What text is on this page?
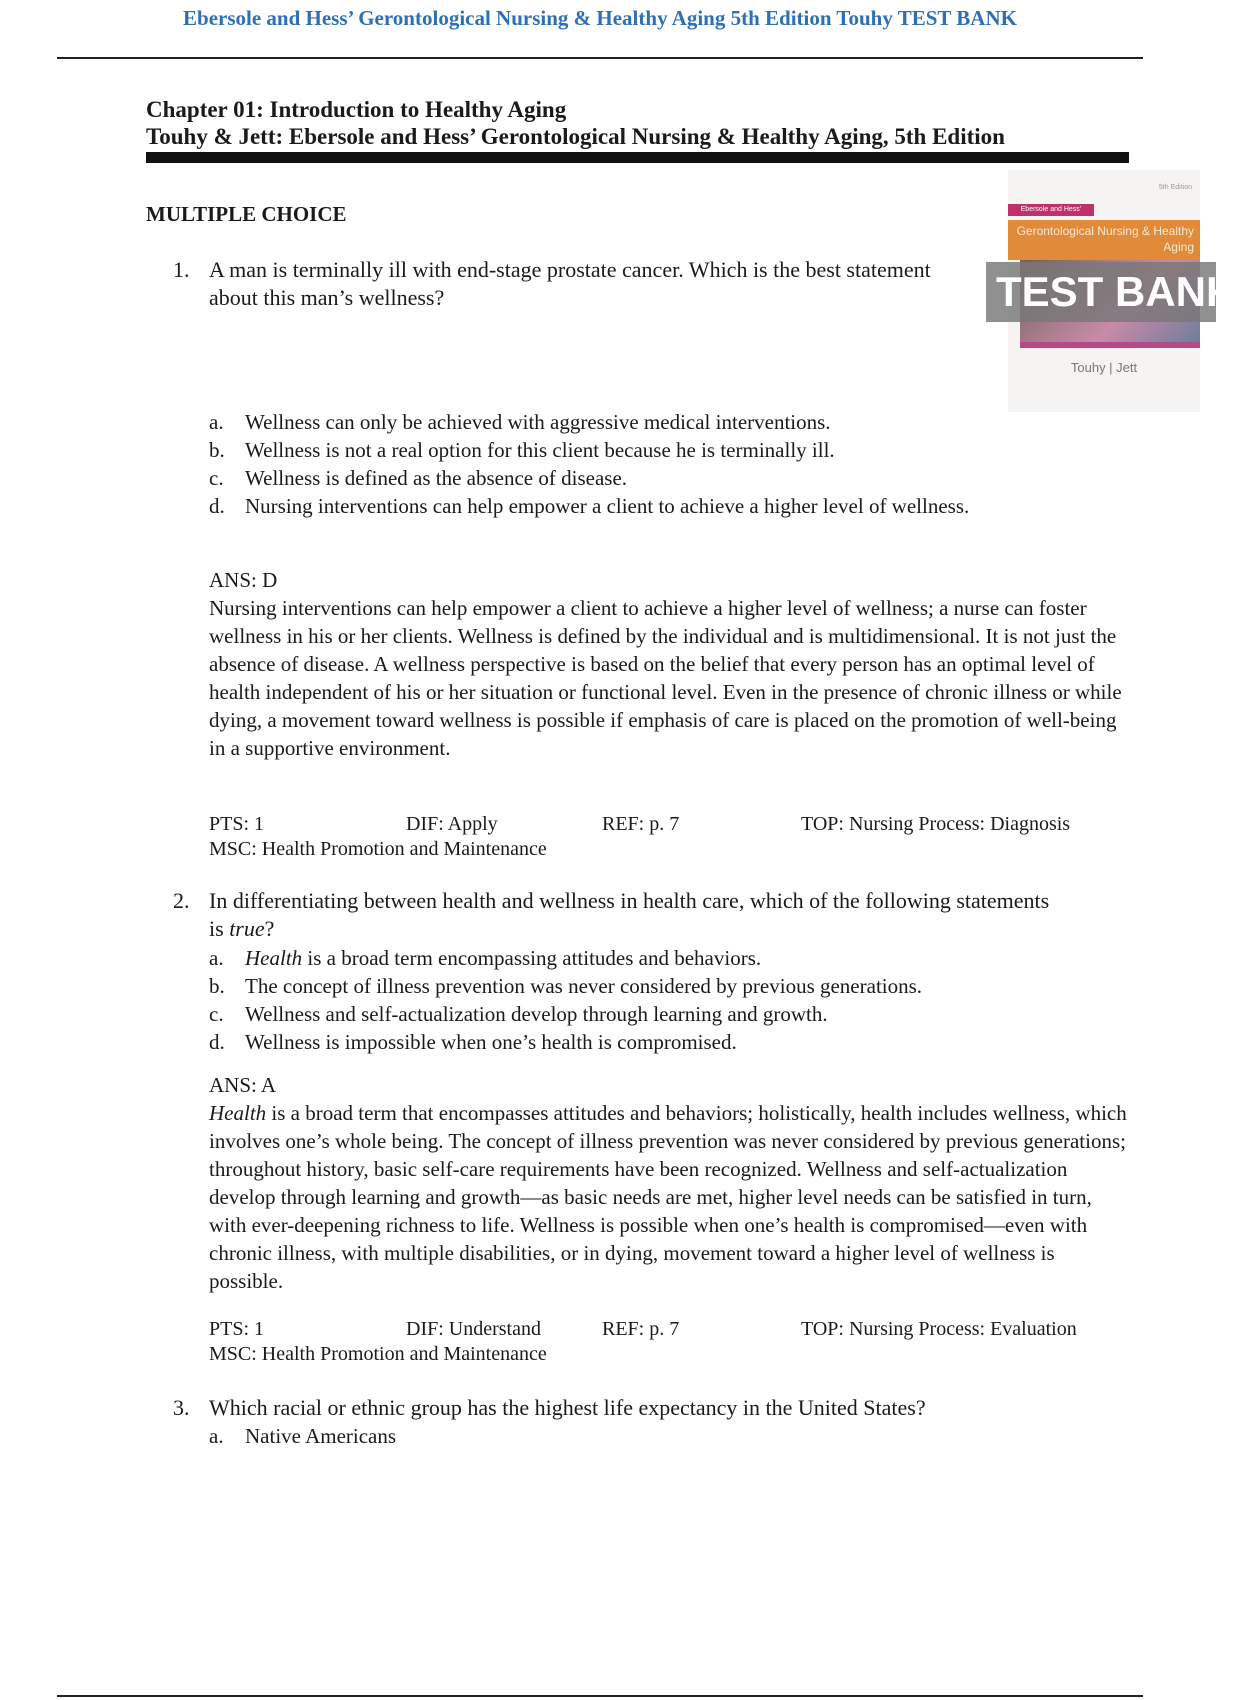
Ebersole and Hess’ Gerontological Nursing & Healthy Aging 5th Edition Touhy TEST BANK
Chapter 01: Introduction to Healthy Aging
Touhy & Jett: Ebersole and Hess’ Gerontological Nursing & Healthy Aging, 5th Edition
MULTIPLE CHOICE
5th Edition
Ebersole and Hess’
Gerontological Nursing & Healthy Aging
TEST BANK
Touhy | Jett
1. A man is terminally ill with end-stage prostate cancer. Which is the best statement about this man’s wellness?
a.	Wellness can only be achieved with aggressive medical interventions.
b. Wellness is not a real option for this client because he is terminally ill.
c.	Wellness is defined as the absence of disease.
d. Nursing interventions can help empower a client to achieve a higher level of wellness.
ANS: D
Nursing interventions can help empower a client to achieve a higher level of wellness; a nurse can foster wellness in his or her clients. Wellness is defined by the individual and is multidimensional. It is not just the absence of disease. A wellness perspective is based on the belief that every person has an optimal level of health independent of his or her situation or functional level. Even in the presence of chronic illness or while dying, a movement toward wellness is possible if emphasis of care is placed on the promotion of well-being in a supportive environment.
PTS: 1	DIF: Apply	REF: p. 7	TOP: Nursing Process: Diagnosis
MSC: Health Promotion and Maintenance
2. In differentiating between health and wellness in health care, which of the following statements is true?
a.	Health is a broad term encompassing attitudes and behaviors.
b. The concept of illness prevention was never considered by previous generations.
c.	Wellness and self-actualization develop through learning and growth.
d. Wellness is impossible when one’s health is compromised.
ANS: A
Health is a broad term that encompasses attitudes and behaviors; holistically, health includes wellness, which involves one’s whole being. The concept of illness prevention was never considered by previous generations; throughout history, basic self-care requirements have been recognized. Wellness and self-actualization develop through learning and growth—as basic needs are met, higher level needs can be satisfied in turn, with ever-deepening richness to life. Wellness is possible when one’s health is compromised—even with chronic illness, with multiple disabilities, or in dying, movement toward a higher level of wellness is possible.
PTS: 1	DIF: Understand	REF: p. 7	TOP: Nursing Process: Evaluation
MSC: Health Promotion and Maintenance
3. Which racial or ethnic group has the highest life expectancy in the United States?
a.	Native Americans
